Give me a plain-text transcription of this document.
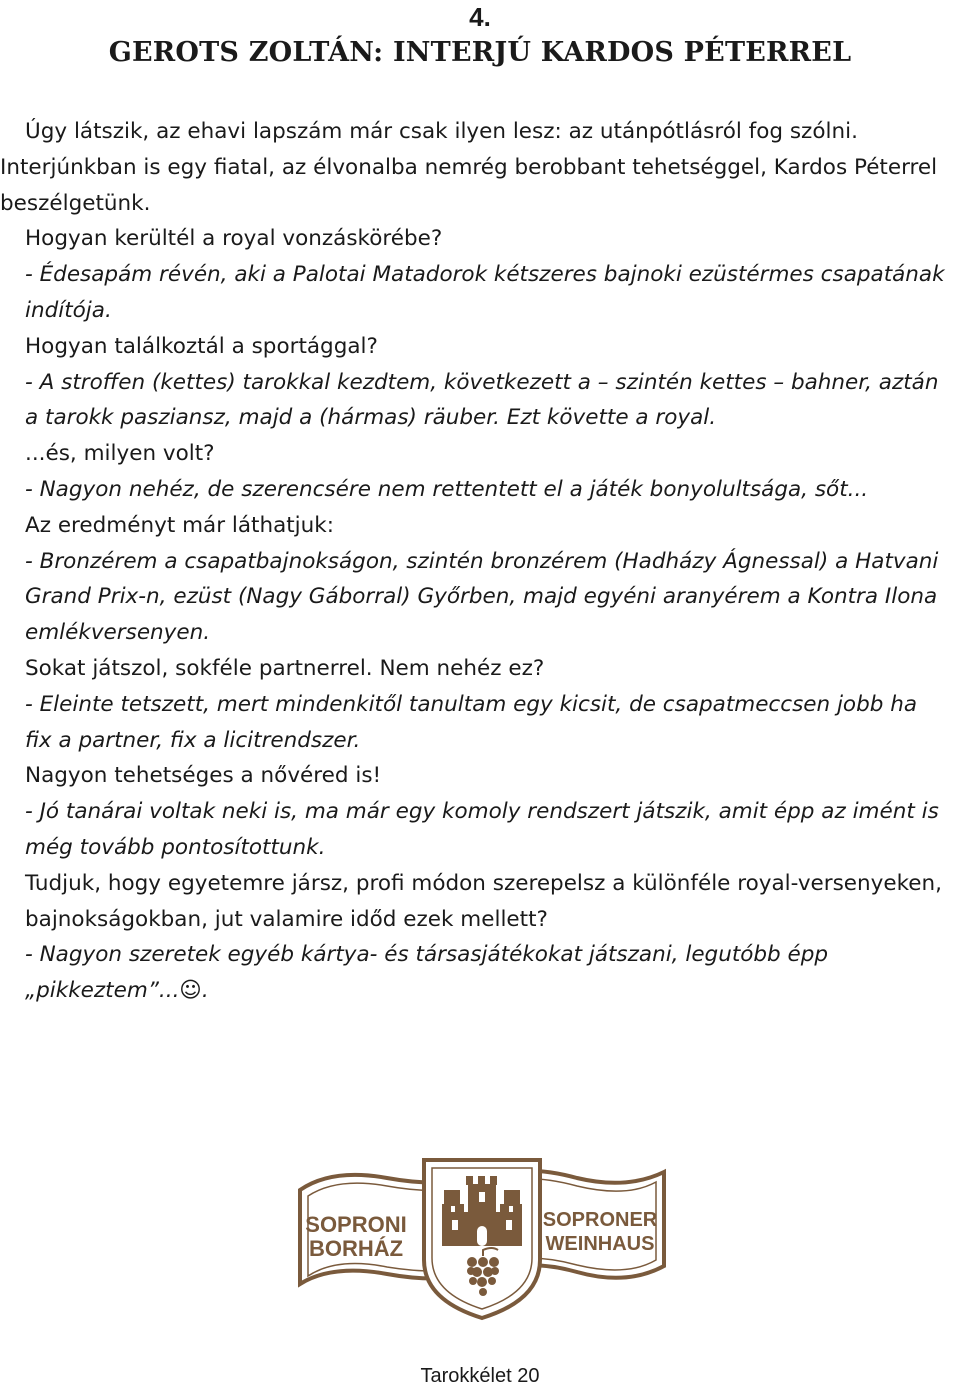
4.
GEROTS ZOLTÁN: INTERJÚ KARDOS PÉTERREL

Úgy látszik, az ehavi lapszám már csak ilyen lesz: az utánpótlásról fog szólni. Interjúnkban is egy fiatal, az élvonalba nemrég berobbant tehetséggel, Kardos Péterrel beszélgetünk.

Hogyan kerültél a royal vonzáskörébe?

- Édesapám révén, aki a Palotai Matadorok kétszeres bajnoki ezüstérmes csapatának indítója.

Hogyan találkoztál a sportággal?

- A stroffen (kettes) tarokkal kezdtem, következett a – szintén kettes – bahner, aztán a tarokk pasziansz, majd a (hármas) räuber. Ezt követte a royal.

...és, milyen volt?

- Nagyon nehéz, de szerencsére nem rettentett el a játék bonyolultsága, sőt...

Az eredményt már láthatjuk:

- Bronzérem a csapatbajnokságon, szintén bronzérem (Hadházy Ágnessal) a Hatvani Grand Prix-n, ezüst (Nagy Gáborral) Győrben, majd egyéni aranyérem a Kontra Ilona emlékversenyen.

Sokat játszol, sokféle partnerrel. Nem nehéz ez?

- Eleinte tetszett, mert mindenkitől tanultam egy kicsit, de csapatmeccsen jobb ha fix a partner, fix a licitrendszer.

Nagyon tehetséges a nővéred is!

- Jó tanárai voltak neki is, ma már egy komoly rendszert játszik, amit épp az imént is még tovább pontosítottunk.

Tudjuk, hogy egyetemre jársz, profi módon szerepelsz a különféle royal-versenyeken, bajnokságokban, jut valamire időd ezek mellett?

- Nagyon szeretek egyéb kártya- és társasjátékokat játszani, legutóbb épp „pikkeztem”...☺.

SOPRONI
BORHÁZ
SOPRONER
WEINHAUS
Tarokkélet 20
